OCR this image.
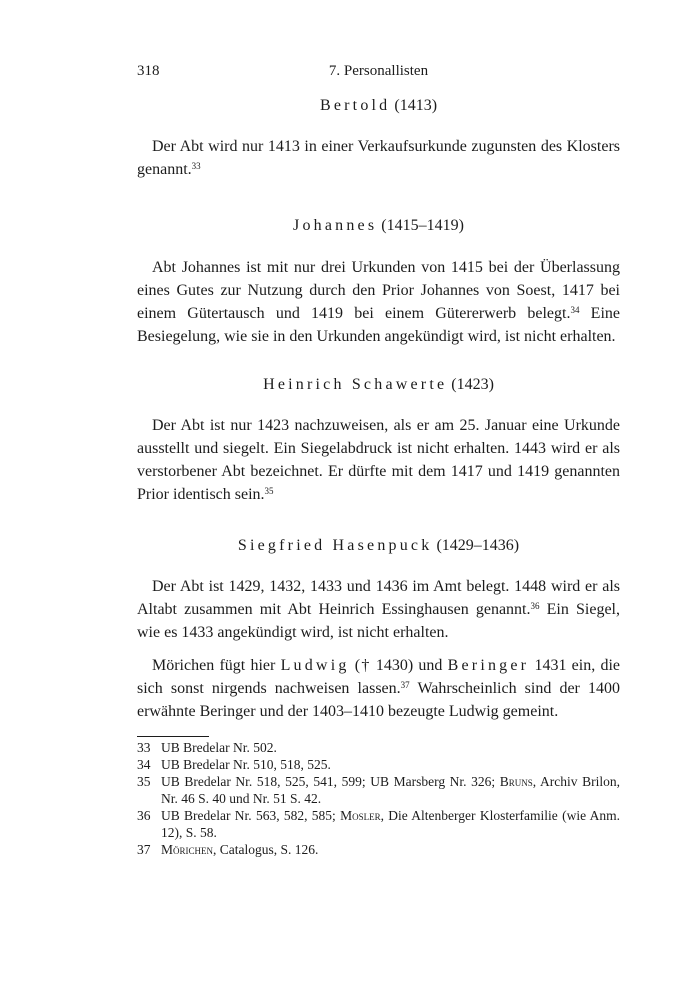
318	7. Personallisten
Bertold (1413)

Der Abt wird nur 1413 in einer Verkaufsurkunde zugunsten des Klosters genannt.$^{33}$

Johannes (1415–1419)

Abt Johannes ist mit nur drei Urkunden von 1415 bei der Überlassung eines Gutes zur Nutzung durch den Prior Johannes von Soest, 1417 bei einem Gütertausch und 1419 bei einem Gütererwerb belegt.$^{34}$ Eine Besiegelung, wie sie in den Urkunden angekündigt wird, ist nicht erhalten.

Heinrich Schawerte (1423)

Der Abt ist nur 1423 nachzuweisen, als er am 25. Januar eine Urkunde ausstellt und siegelt. Ein Siegelabdruck ist nicht erhalten. 1443 wird er als verstorbener Abt bezeichnet. Er dürfte mit dem 1417 und 1419 genannten Prior identisch sein.$^{35}$

Siegfried Hasenpuck (1429–1436)

Der Abt ist 1429, 1432, 1433 und 1436 im Amt belegt. 1448 wird er als Altabt zusammen mit Abt Heinrich Essinghausen genannt.$^{36}$ Ein Siegel, wie es 1433 angekündigt wird, ist nicht erhalten.

Mörichen fügt hier Ludwig († 1430) und Beringer 1431 ein, die sich sonst nirgends nachweisen lassen.$^{37}$ Wahrscheinlich sind der 1400 erwähnte Beringer und der 1403–1410 bezeugte Ludwig gemeint.

33 UB Bredelar Nr. 502.
34 UB Bredelar Nr. 510, 518, 525.
35 UB Bredelar Nr. 518, 525, 541, 599; UB Marsberg Nr. 326; Bruns, Archiv Brilon, Nr. 46 S. 40 und Nr. 51 S. 42.
36 UB Bredelar Nr. 563, 582, 585; Mosler, Die Altenberger Klosterfamilie (wie Anm. 12), S. 58.
37 Mörichen, Catalogus, S. 126.
